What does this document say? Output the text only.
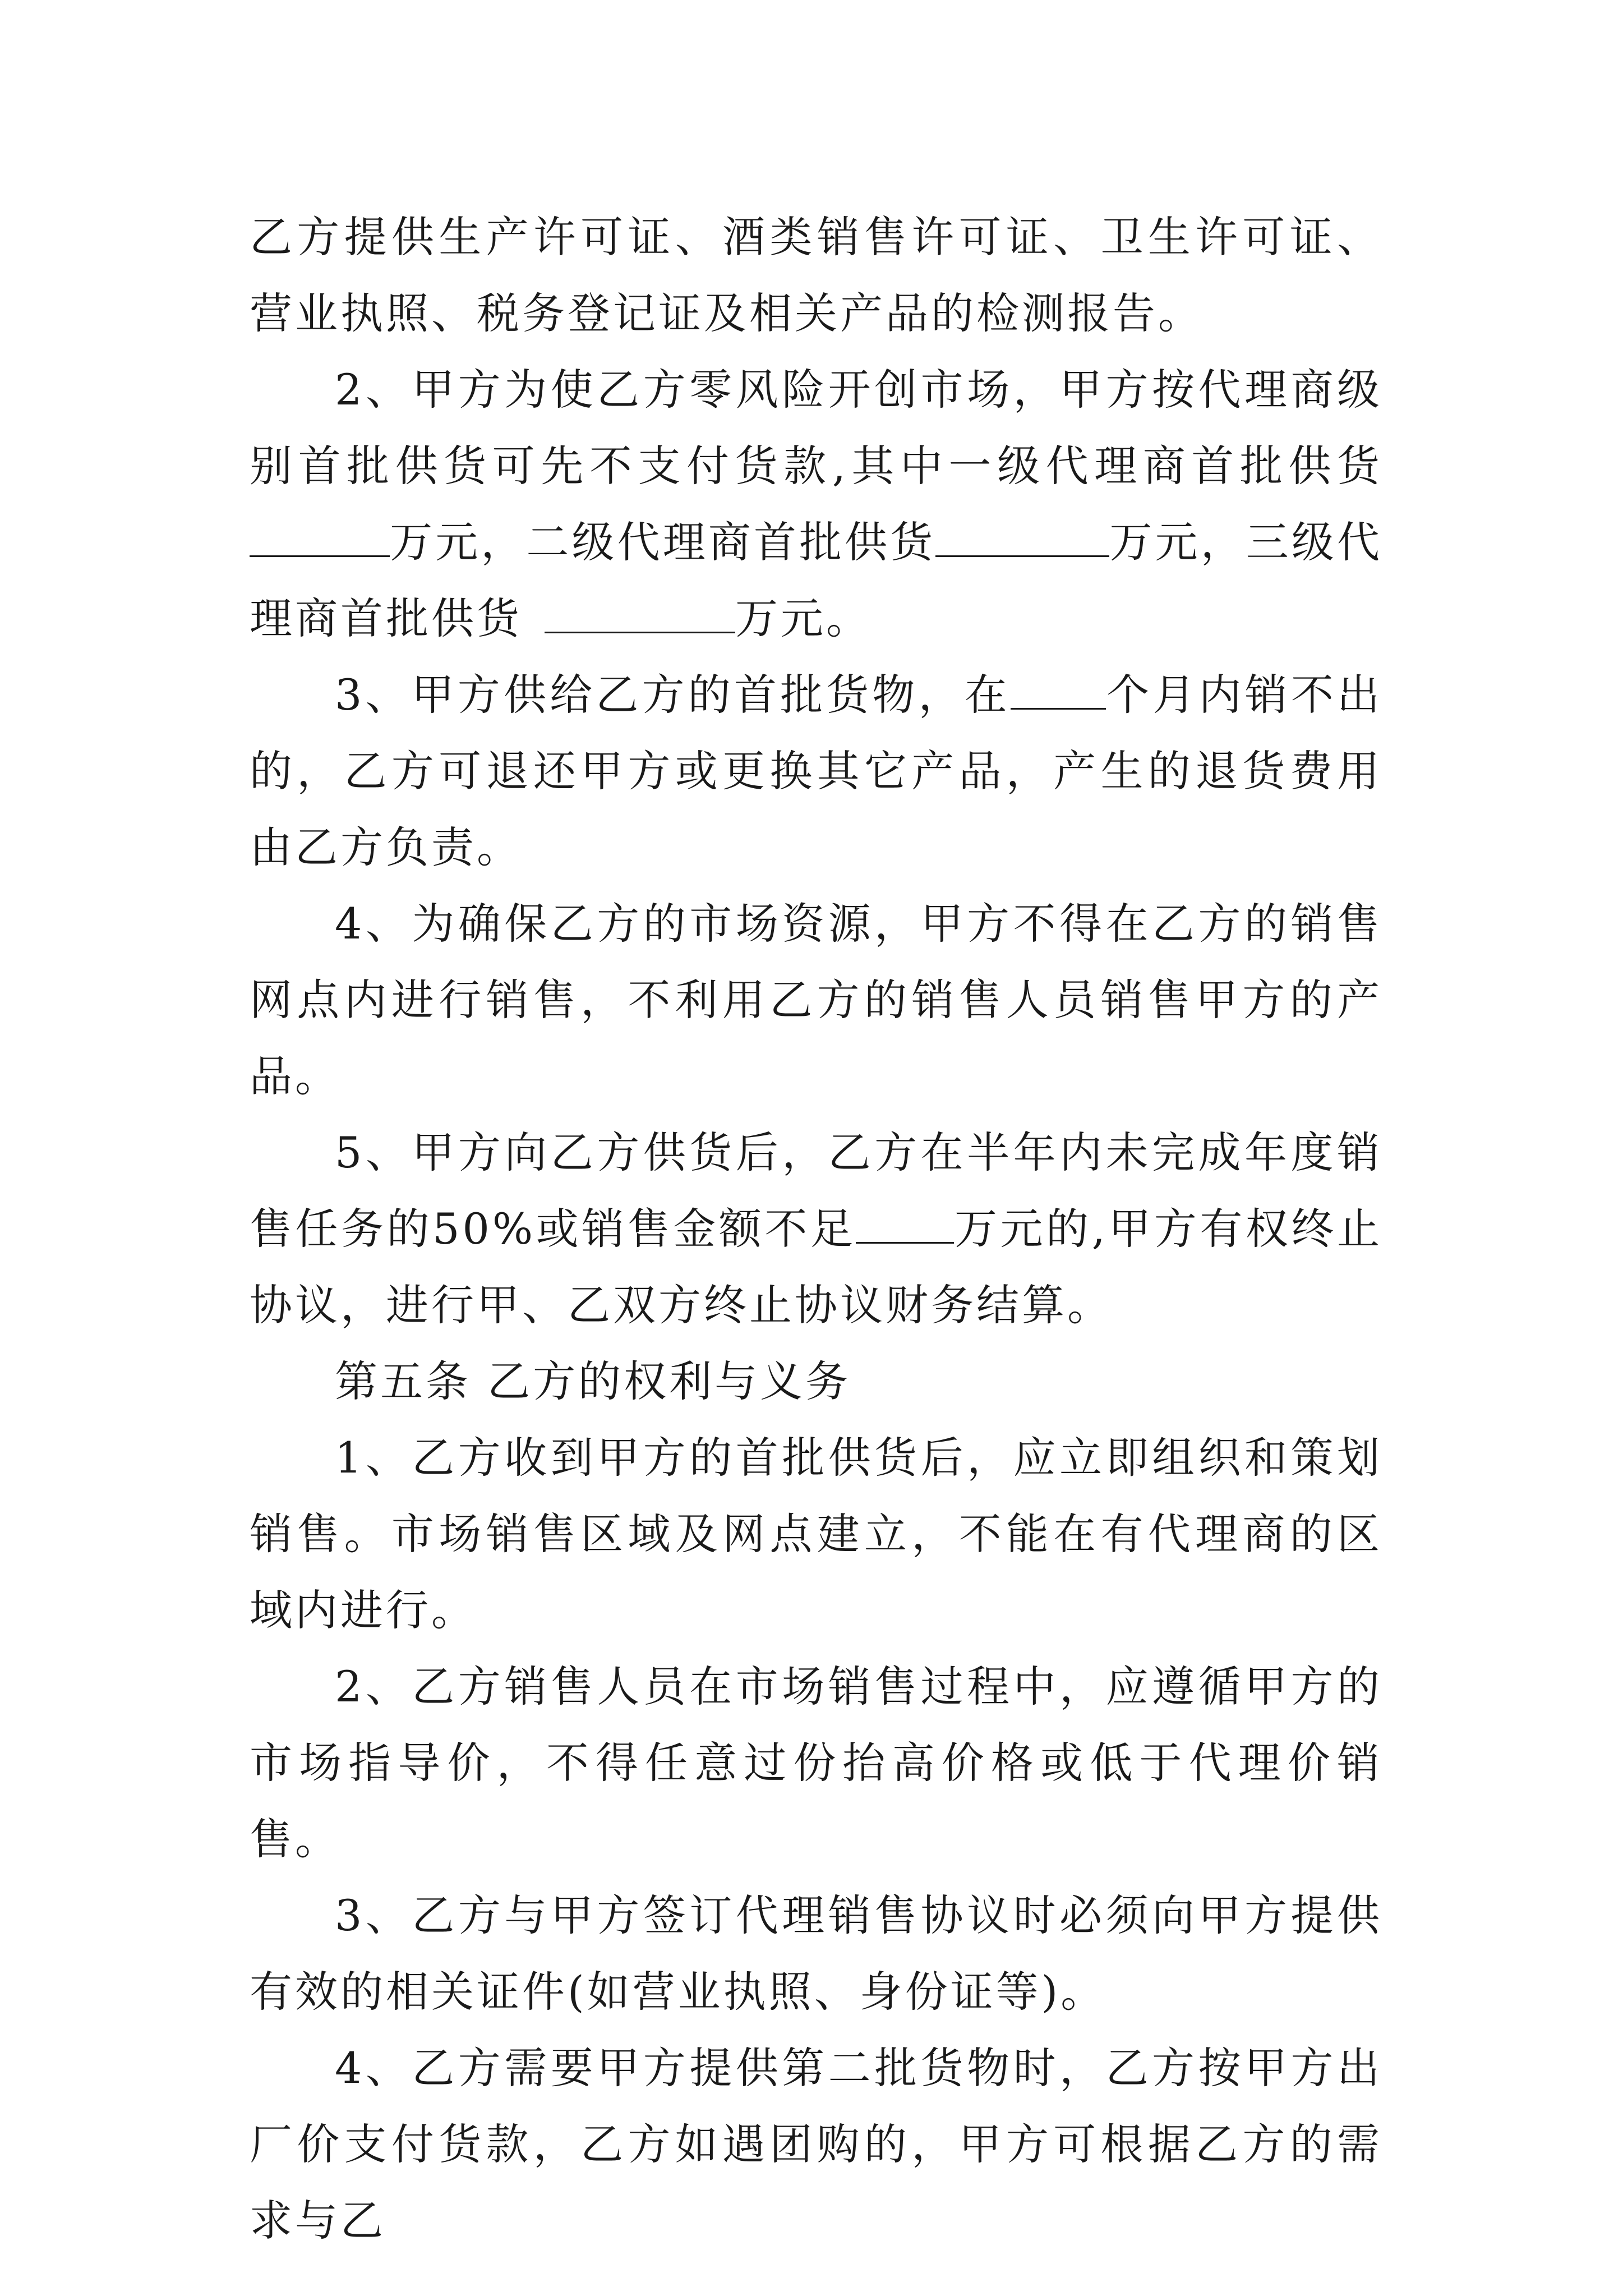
乙方提供生产许可证、酒类销售许可证、卫生许可证、营业执照、税务登记证及相关产品的检测报告。

2、甲方为使乙方零风险开创市场，甲方按代理商级别首批供货可先不支付货款,其中一级代理商首批供货万元，二级代理商首批供货	万元，三级代理商首批供货	万元。

3、甲方供给乙方的首批货物，在 个月内销不出的，乙方可退还甲方或更换其它产品，产生的退货费用由乙方负责。

4、为确保乙方的市场资源，甲方不得在乙方的销售网点内进行销售，不利用乙方的销售人员销售甲方的产品。

5、甲方向乙方供货后，乙方在半年内未完成年度销售任务的50%或销售金额不足 万元的,甲方有权终止协议，进行甲、乙双方终止协议财务结算。

第五条 乙方的权利与义务

1、乙方收到甲方的首批供货后，应立即组织和策划销售。市场销售区域及网点建立，不能在有代理商的区域内进行。

2、乙方销售人员在市场销售过程中，应遵循甲方的市场指导价，不得任意过份抬高价格或低于代理价销售。

3、乙方与甲方签订代理销售协议时必须向甲方提供有效的相关证件(如营业执照、身份证等)。

4、乙方需要甲方提供第二批货物时，乙方按甲方出厂价支付货款，乙方如遇团购的，甲方可根据乙方的需求与乙
